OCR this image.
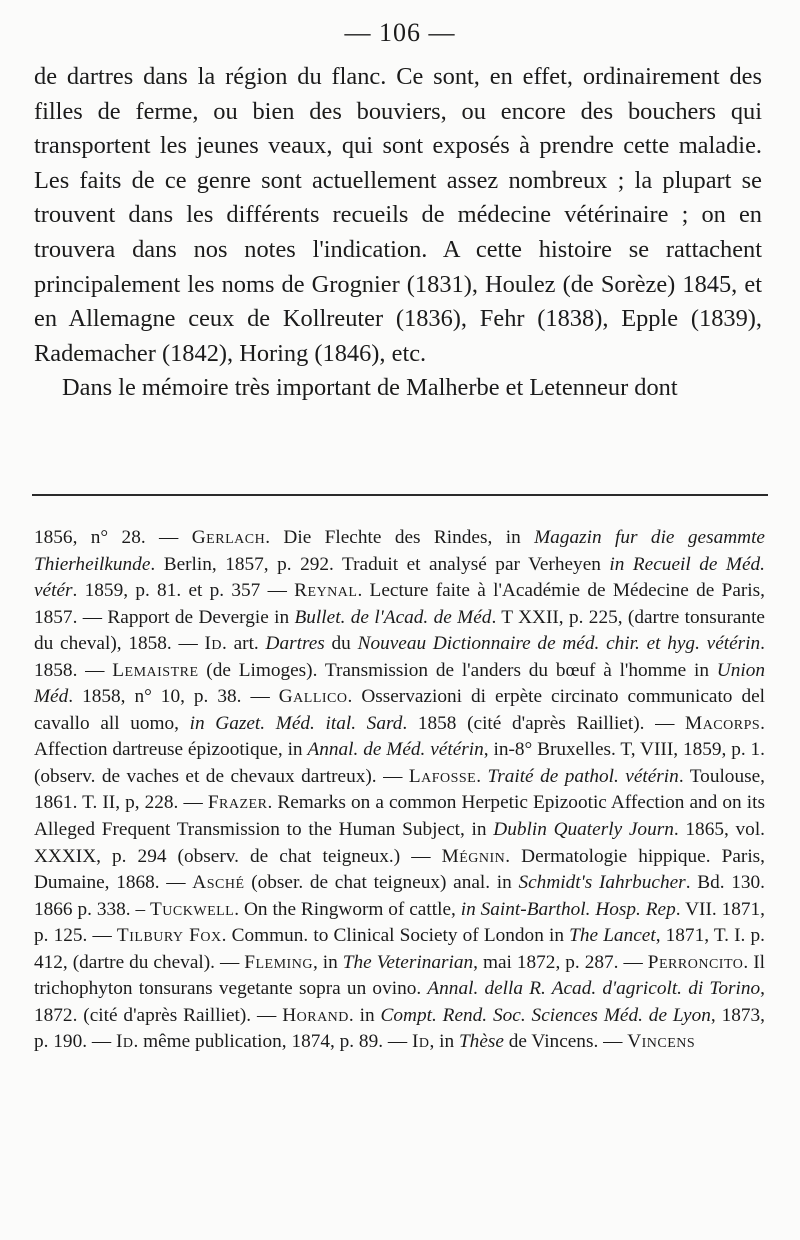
— 106 —

de dartres dans la région du flanc. Ce sont, en effet, ordinairement des filles de ferme, ou bien des bouviers, ou encore des bouchers qui transportent les jeunes veaux, qui sont exposés à prendre cette maladie. Les faits de ce genre sont actuellement assez nombreux ; la plupart se trouvent dans les différents recueils de médecine vétérinaire ; on en trouvera dans nos notes l'indication. A cette histoire se rattachent principalement les noms de Grognier (1831), Houlez (de Sorèze) 1845, et en Allemagne ceux de Kollreuter (1836), Fehr (1838), Epple (1839), Rademacher (1842), Horing (1846), etc.

Dans le mémoire très important de Malherbe et Letenneur dont

1856, n° 28. — Gerlach. Die Flechte des Rindes, in Magazin fur die gesammte Thierheilkunde. Berlin, 1857, p. 292. Traduit et analysé par Verheyen in Recueil de Méd. vétér. 1859, p. 81. et p. 357 — Reynal. Lecture faite à l'Académie de Médecine de Paris, 1857. — Rapport de Devergie in Bullet. de l'Acad. de Méd. T XXII, p. 225, (dartre tonsurante du cheval), 1858. — Id. art. Dartres du Nouveau Dictionnaire de méd. chir. et hyg. vétérin. 1858. — Lemaistre (de Limoges). Transmission de l'anders du bœuf à l'homme in Union Méd. 1858, n° 10, p. 38. — Gallico. Osservazioni di erpète circinato communicato del cavallo all uomo, in Gazet. Méd. ital. Sard. 1858 (cité d'après Railliet). — Macorps. Affection dartreuse épizootique, in Annal. de Méd. vétérin, in-8° Bruxelles. T, VIII, 1859, p. 1. (observ. de vaches et de chevaux dartreux). — Lafosse. Traité de pathol. vétérin. Toulouse, 1861. T. II, p, 228. — Frazer. Remarks on a common Herpetic Epizootic Affection and on its Alleged Frequent Transmission to the Human Subject, in Dublin Quaterly Journ. 1865, vol. XXXIX, p. 294 (observ. de chat teigneux.) — Mégnin. Dermatologie hippique. Paris, Dumaine, 1868. — Asché (obser. de chat teigneux) anal. in Schmidt's Iahrbucher. Bd. 130. 1866 p. 338. – Tuckwell. On the Ringworm of cattle, in Saint-Barthol. Hosp. Rep. VII. 1871, p. 125. — Tilbury Fox. Commun. to Clinical Society of London in The Lancet, 1871, T. I. p. 412, (dartre du cheval). — Fleming, in The Veterinarian, mai 1872, p. 287. — Perroncito. Il trichophyton tonsurans vegetante sopra un ovino. Annal. della R. Acad. d'agricolt. di Torino, 1872. (cité d'après Railliet). — Horand. in Compt. Rend. Soc. Sciences Méd. de Lyon, 1873, p. 190. — Id. même publication, 1874, p. 89. — Id, in Thèse de Vincens. — Vincens
